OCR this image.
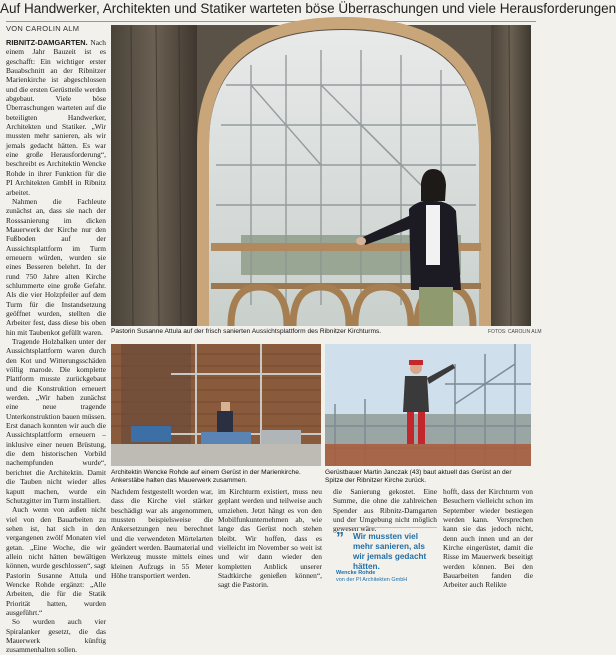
Auf Handwerker, Architekten und Statiker warteten böse Überraschungen und viele Herausforderungen
VON CAROLIN ALM

RIBNITZ-DAMGARTEN. Nach einem Jahr Bauzeit ist es geschafft: Ein wichtiger erster Bauabschnitt an der Ribnitzer Marienkirche ist abgeschlossen und die ersten Gerüstteile werden abgebaut. Viele böse Überraschungen warteten auf die beteiligten Handwerker, Architekten und Statiker. „Wir mussten mehr sanieren, als wir jemals gedacht hätten. Es war eine große Herausforderung“, beschreibt es Architektin Wencke Rohde in ihrer Funktion für die PI Architekten GmbH in Ribnitz arbeitet.

Nahmen die Fachleute zunächst an, dass sie nach der Rosssanierung im dicken Mauerwerk der Kirche nur den Fußboden auf der Aussichtsplattform im Turm erneuern würden, wurden sie eines Besseren belehrt. In der rund 750 Jahre alten Kirche schlummerte eine große Gefahr. Als die vier Holzpfeiler auf dem Turm für die Instandsetzung geöffnet wurden, stellten die Arbeiter fest, dass diese bis oben hin mit Taubenkot gefüllt waren.

Tragende Holzbalken unter der Aussichtsplattform waren durch den Kot und Witterungsschäden völlig marode. Die komplette Plattform musste zurückgebaut und die Konstruktion erneuert werden. „Wir haben zunächst eine neue tragende Unterkonstruktion bauen müssen. Erst danach konnten wir auch die Aussichtsplattform erneuern – inklusive einer neuen Brüstung, die dem historischen Vorbild nachempfunden wurde“, berichtet die Architektin. Damit die Tauben nicht wieder alles kaputt machen, wurde ein Schutzgitter im Turm installiert.

Auch wenn von außen nicht viel von den Bauarbeiten zu sehen ist, hat sich in den vergangenen zwölf Monaten viel getan. „Eine Woche, die wir allein nicht hätten bewältigen können, wurde geschlossen“, sagt Pastorin Susanne Attula und Wencke Rohde ergänzt: „Alle Arbeiten, die für die Statik Priorität hatten, wurden ausgeführt.“

So wurden auch vier Spiralanker gesetzt, die das Mauerwerk künftig zusammenhalten sollen.

Pastorin Susanne Attula auf der frisch sanierten Aussichtsplattform des Ribnitzer Kirchturms.	FOTOS: CAROLIN ALM
Architektin Wencke Rohde auf einem Gerüst in der Marienkirche. Ankerstäbe halten das Mauerwerk zusammen.
Gerüstbauer Martin Janczak (43) baut aktuell das Gerüst an der Spitze der Ribnitzer Kirche zurück.
Nachdem festgestellt worden war, dass die Kirche viel stärker beschädigt war als angenommen, mussten beispielsweise die Ankersetzungen neu berechnet und die verwendeten Mörtelarten geändert werden. Baumaterial und Werkzeug musste mittels eines kleinen Aufzugs in 55 Meter Höhe transportiert werden.
im Kirchturm existiert, muss neu geplant werden und teilweise auch umziehen. Jetzt hängt es von den Mobilfunkunternehmen ab, wie lange das Gerüst noch stehen bleibt. Wir hoffen, dass es vielleicht im November so weit ist und wir dann wieder den kompletten Anblick unserer Stadtkirche genießen können“, sagt die Pastorin.
die Sanierung gekostet. Eine Summe, die ohne die zahlreichen Spender aus Ribnitz-Damgarten und der Umgebung nicht möglich gewesen wäre.
hofft, dass der Kirchturm von Besuchern vielleicht schon im September wieder bestiegen werden kann. Versprechen kann sie das jedoch nicht, denn auch innen und an der Kirche eingerüstet, damit die Risse im Mauerwerk beseitigt werden können. Bei den Bauarbeiten fanden die Arbeiter auch Relikte
” Wir mussten viel mehr sanieren, als wir jemals gedacht hätten.
Wencke Rohde
von der PI Architekten GmbH
